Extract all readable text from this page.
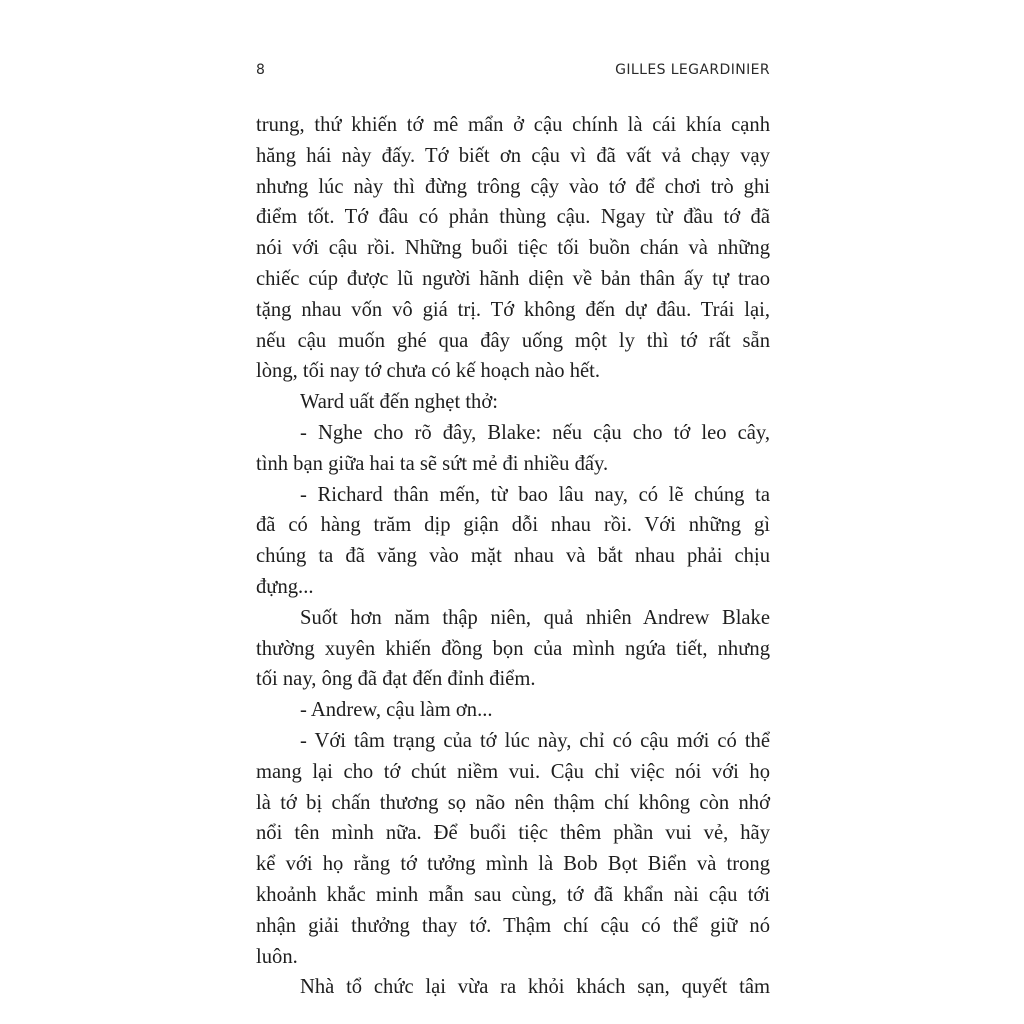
8	GILLES LEGARDINIER

trung, thứ khiến tớ mê mẩn ở cậu chính là cái khía cạnh
hăng hái này đấy. Tớ biết ơn cậu vì đã vất vả chạy vạy
nhưng lúc này thì đừng trông cậy vào tớ để chơi trò ghi
điểm tốt. Tớ đâu có phản thùng cậu. Ngay từ đầu tớ đã
nói với cậu rồi. Những buổi tiệc tối buồn chán và những
chiếc cúp được lũ người hãnh diện về bản thân ấy tự trao
tặng nhau vốn vô giá trị. Tớ không đến dự đâu. Trái lại,
nếu cậu muốn ghé qua đây uống một ly thì tớ rất sẵn
lòng, tối nay tớ chưa có kế hoạch nào hết.

Ward uất đến nghẹt thở:

- Nghe cho rõ đây, Blake: nếu cậu cho tớ leo cây,
tình bạn giữa hai ta sẽ sứt mẻ đi nhiều đấy.

- Richard thân mến, từ bao lâu nay, có lẽ chúng ta
đã có hàng trăm dịp giận dỗi nhau rồi. Với những gì
chúng ta đã văng vào mặt nhau và bắt nhau phải chịu
đựng...

Suốt hơn năm thập niên, quả nhiên Andrew Blake
thường xuyên khiến đồng bọn của mình ngứa tiết, nhưng
tối nay, ông đã đạt đến đỉnh điểm.

- Andrew, cậu làm ơn...

- Với tâm trạng của tớ lúc này, chỉ có cậu mới có thể
mang lại cho tớ chút niềm vui. Cậu chỉ việc nói với họ
là tớ bị chấn thương sọ não nên thậm chí không còn nhớ
nổi tên mình nữa. Để buổi tiệc thêm phần vui vẻ, hãy
kể với họ rằng tớ tưởng mình là Bob Bọt Biển và trong
khoảnh khắc minh mẫn sau cùng, tớ đã khẩn nài cậu tới
nhận giải thưởng thay tớ. Thậm chí cậu có thể giữ nó
luôn.

Nhà tổ chức lại vừa ra khỏi khách sạn, quyết tâm
